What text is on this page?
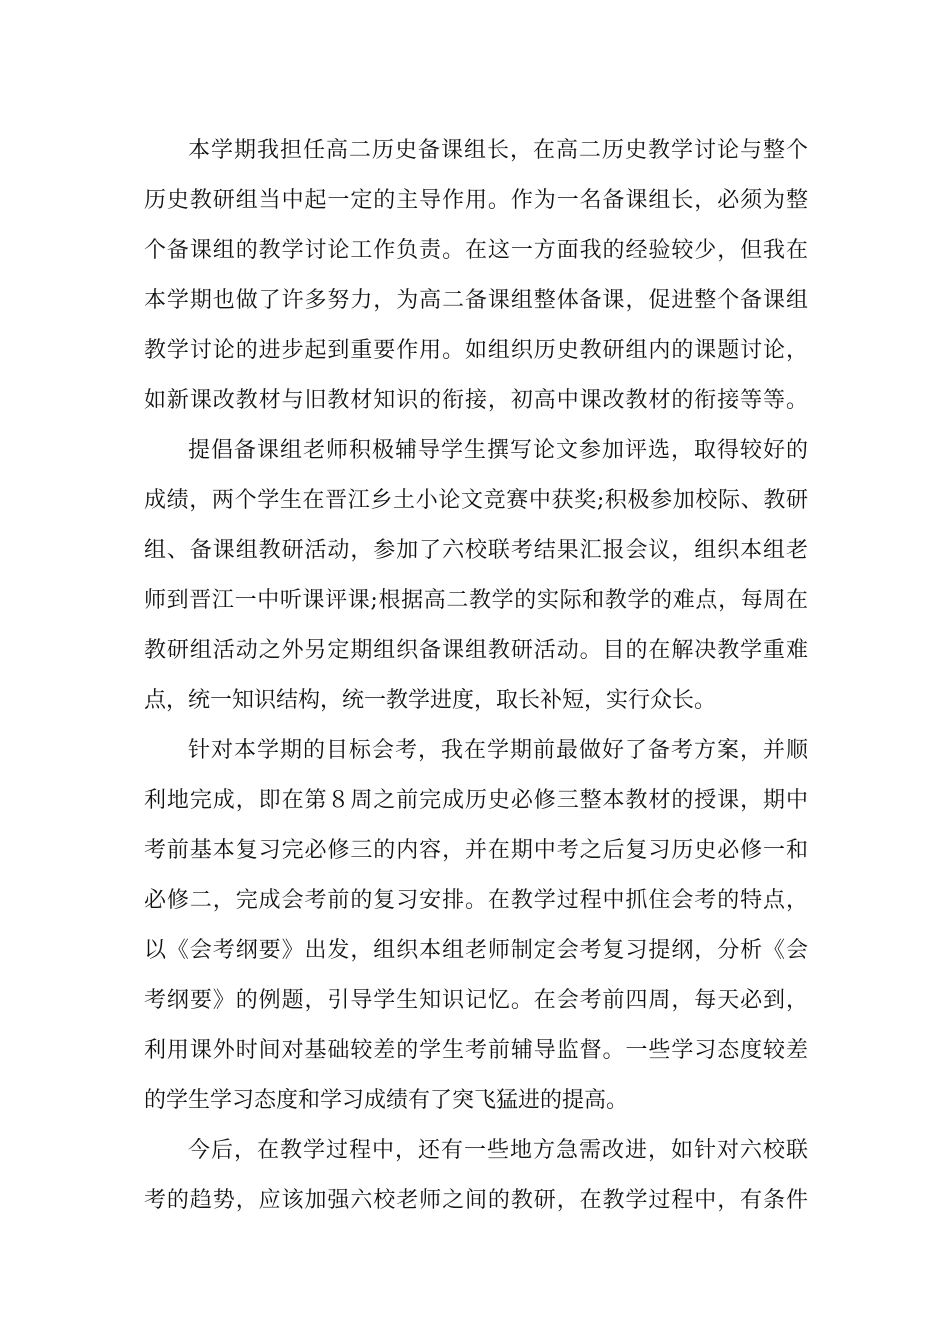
本学期我担任高二历史备课组长，在高二历史教学讨论与整个
历史教研组当中起一定的主导作用。作为一名备课组长，必须为整
个备课组的教学讨论工作负责。在这一方面我的经验较少，但我在
本学期也做了许多努力，为高二备课组整体备课，促进整个备课组
教学讨论的进步起到重要作用。如组织历史教研组内的课题讨论，
如新课改教材与旧教材知识的衔接，初高中课改教材的衔接等等。

提倡备课组老师积极辅导学生撰写论文参加评选，取得较好的
成绩，两个学生在晋江乡土小论文竞赛中获奖;积极参加校际、教研
组、备课组教研活动，参加了六校联考结果汇报会议，组织本组老
师到晋江一中听课评课;根据高二教学的实际和教学的难点，每周在
教研组活动之外另定期组织备课组教研活动。目的在解决教学重难
点，统一知识结构，统一教学进度，取长补短，实行众长。

针对本学期的目标会考，我在学期前最做好了备考方案，并顺
利地完成，即在第８周之前完成历史必修三整本教材的授课，期中
考前基本复习完必修三的内容，并在期中考之后复习历史必修一和
必修二，完成会考前的复习安排。在教学过程中抓住会考的特点，
以《会考纲要》出发，组织本组老师制定会考复习提纲，分析《会
考纲要》的例题，引导学生知识记忆。在会考前四周，每天必到，
利用课外时间对基础较差的学生考前辅导监督。一些学习态度较差
的学生学习态度和学习成绩有了突飞猛进的提高。

今后，在教学过程中，还有一些地方急需改进，如针对六校联
考的趋势，应该加强六校老师之间的教研，在教学过程中，有条件
